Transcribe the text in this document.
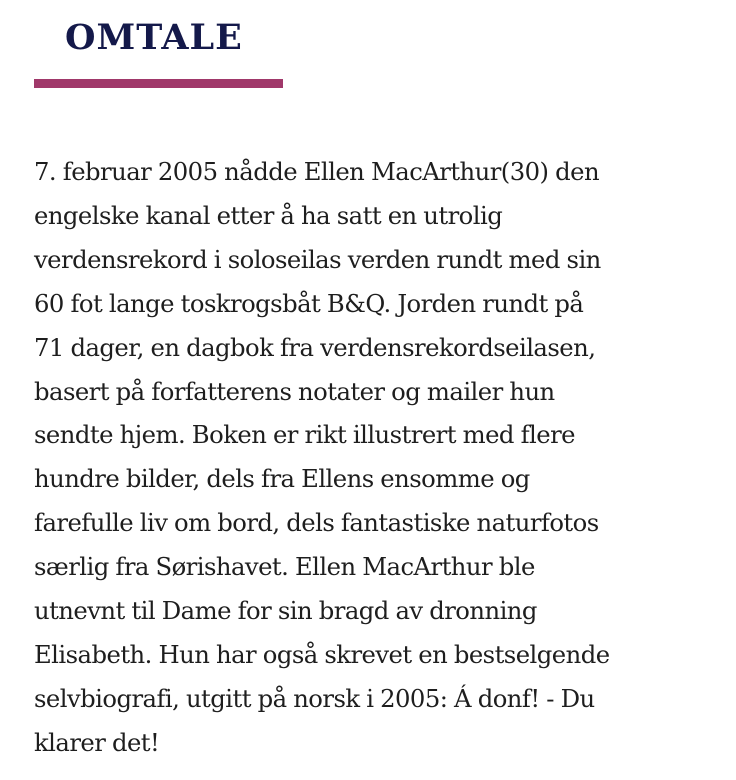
OMTALE

7. februar 2005 nådde Ellen MacArthur(30) den
engelske kanal etter å ha satt en utrolig
verdensrekord i soloseilas verden rundt med sin
60 fot lange toskrogsbåt B&Q. Jorden rundt på
71 dager, en dagbok fra verdensrekordseilasen,
basert på forfatterens notater og mailer hun
sendte hjem. Boken er rikt illustrert med flere
hundre bilder, dels fra Ellens ensomme og
farefulle liv om bord, dels fantastiske naturfotos
særlig fra Sørishavet. Ellen MacArthur ble
utnevnt til Dame for sin bragd av dronning
Elisabeth. Hun har også skrevet en bestselgende
selvbiografi, utgitt på norsk i 2005: Á donf! - Du
klarer det!
